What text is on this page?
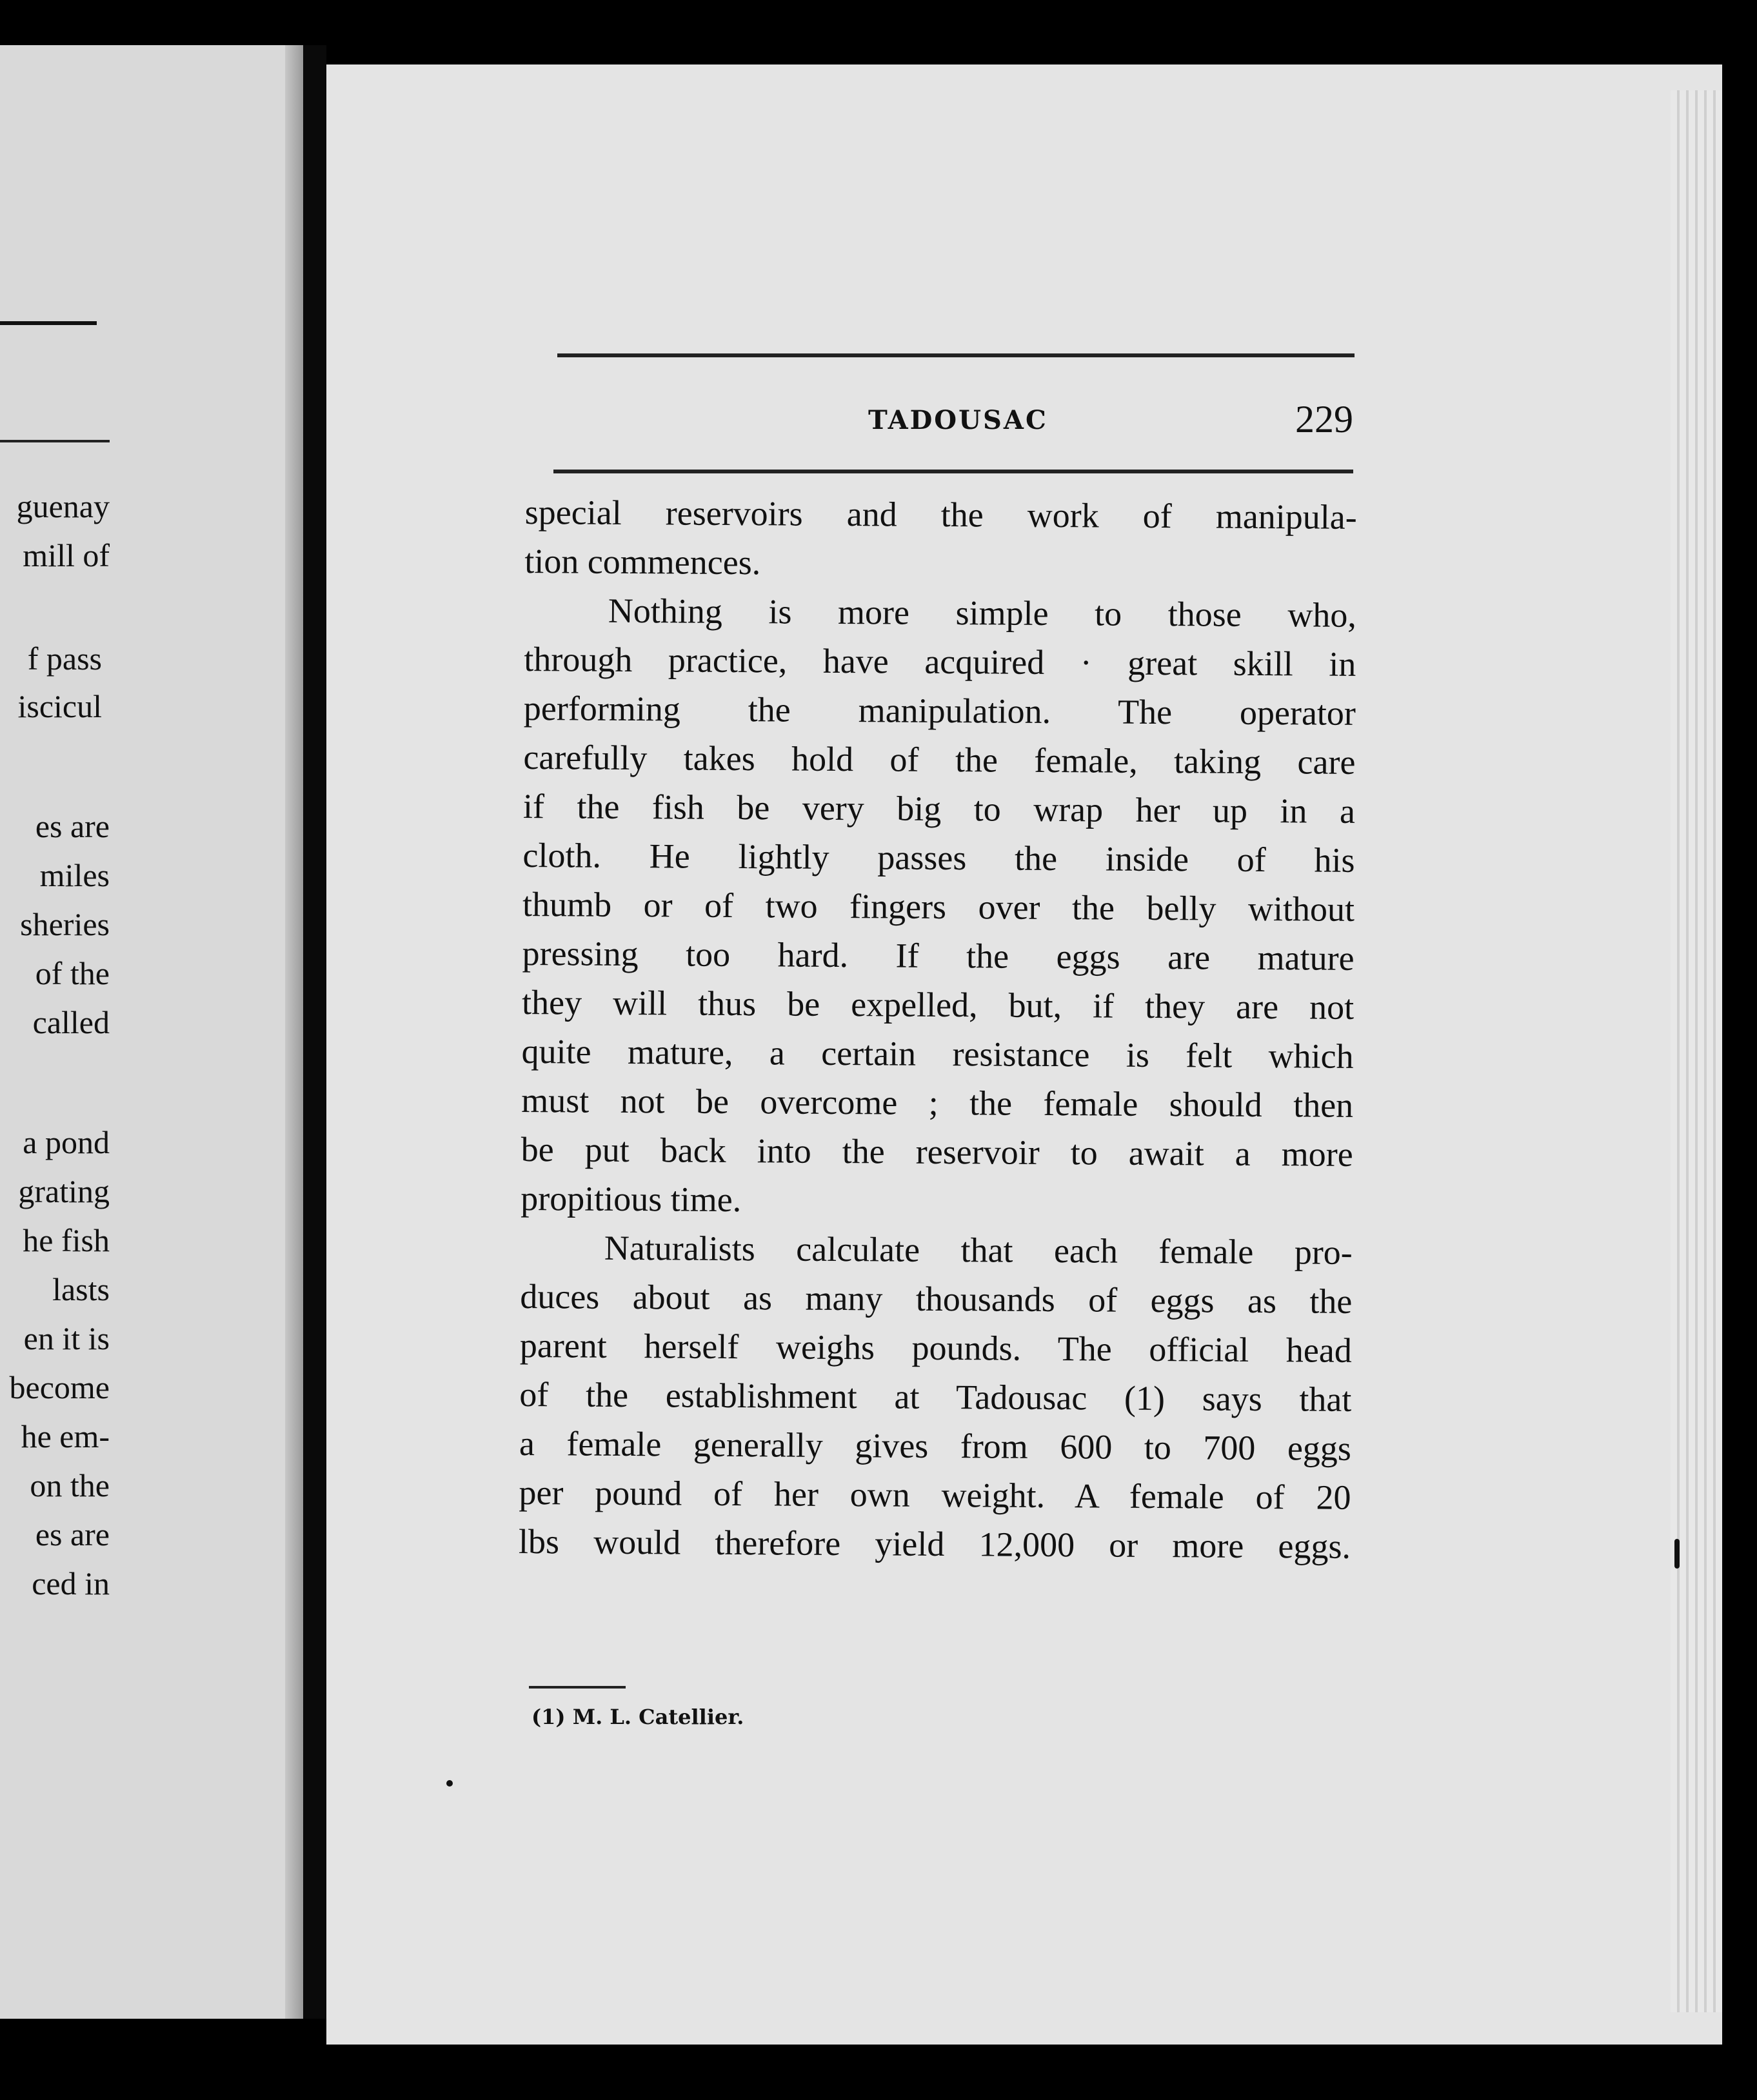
guenay
mill of
f pass
iscicul
es are
miles
sheries
of the
called
a pond
grating
he fish
lasts
en it is
become
he em-
on the
es are
ced in
TADOUSAC	229
special reservoirs and the work of manipula-
tion commences.
Nothing is more simple to those who,
through practice, have acquired · great skill in
performing the manipulation. The operator
carefully takes hold of the female, taking care
if the fish be very big to wrap her up in a
cloth. He lightly passes the inside of his
thumb or of two fingers over the belly without
pressing too hard. If the eggs are mature
they will thus be expelled, but, if they are not
quite mature, a certain resistance is felt which
must not be overcome ; the female should then
be put back into the reservoir to await a more
propitious time.
Naturalists calculate that each female pro-
duces about as many thousands of eggs as the
parent herself weighs pounds. The official head
of the establishment at Tadousac (1) says that
a female generally gives from 600 to 700 eggs
per pound of her own weight. A female of 20
lbs would therefore yield 12,000 or more eggs.
(1) M. L. Catellier.
